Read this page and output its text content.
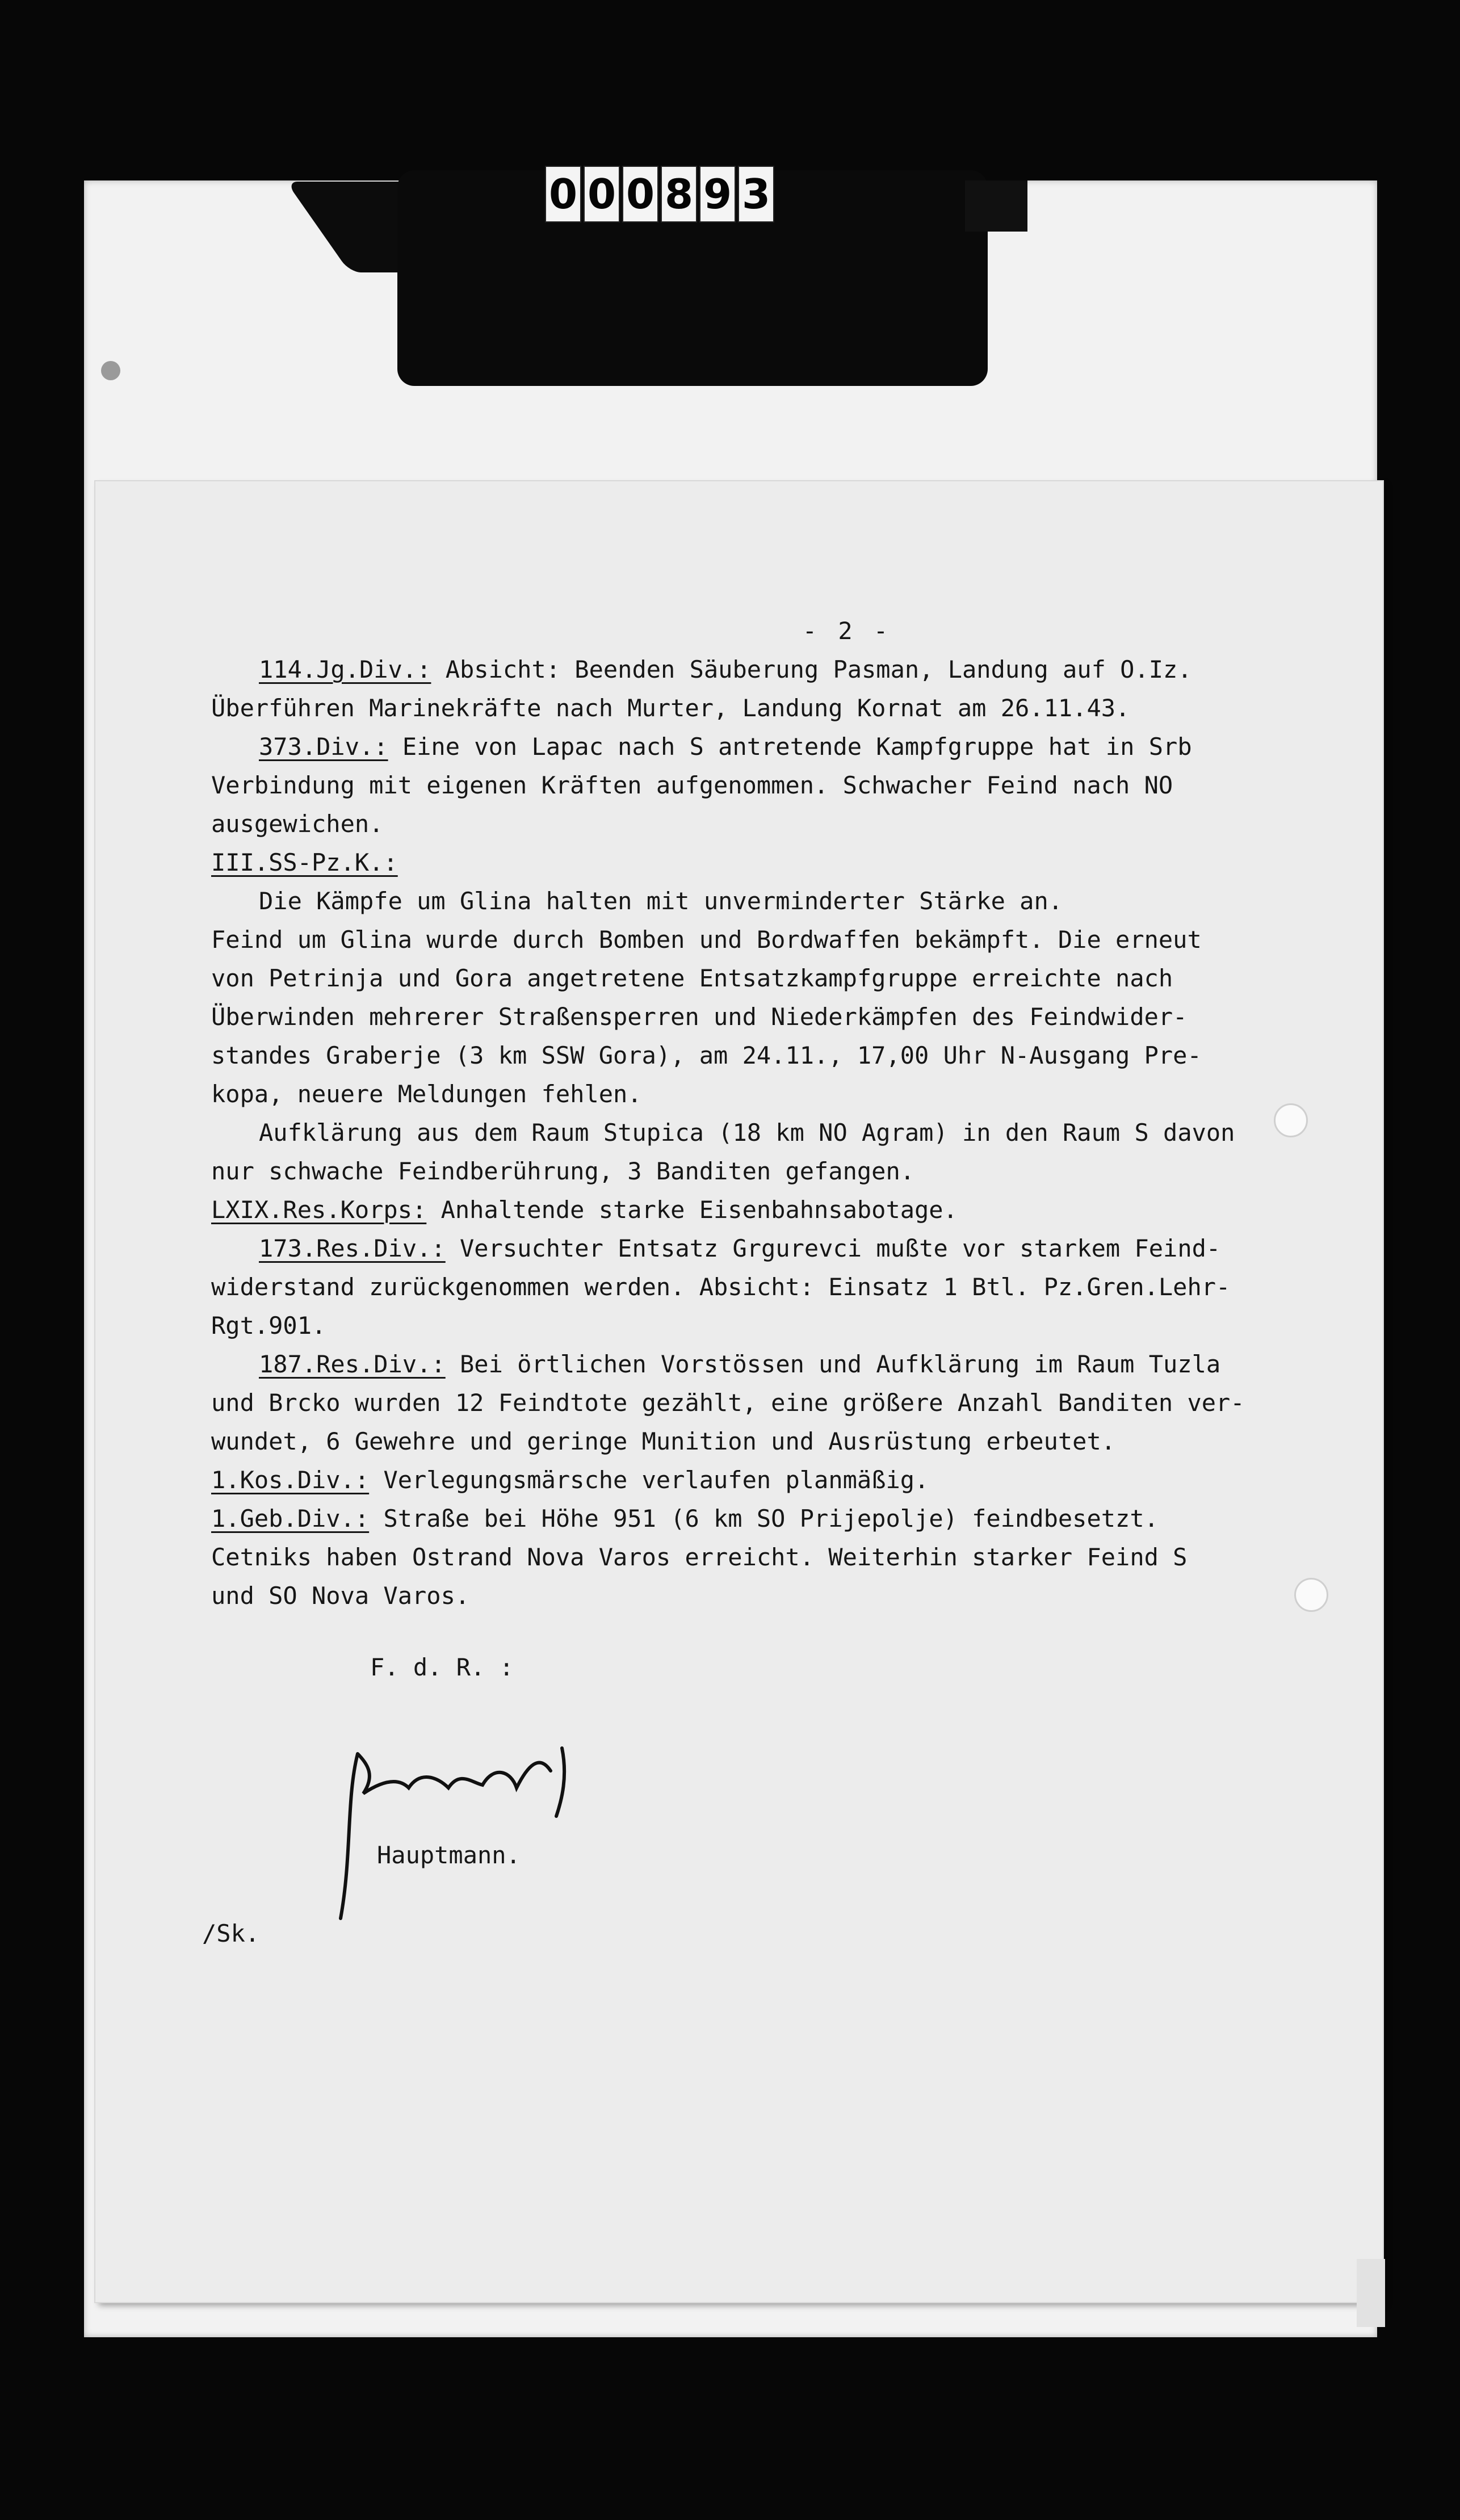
0 0 0 8 9 3
- 2 -
114.Jg.Div.: Absicht: Beenden Säuberung Pasman, Landung auf O.Iz.
Überführen Marinekräfte nach Murter, Landung Kornat am 26.11.43.
373.Div.: Eine von Lapac nach S antretende Kampfgruppe hat in Srb
Verbindung mit eigenen Kräften aufgenommen. Schwacher Feind nach NO
ausgewichen.
III.SS-Pz.K.:
Die Kämpfe um Glina halten mit unverminderter Stärke an.
Feind um Glina wurde durch Bomben und Bordwaffen bekämpft. Die erneut
von Petrinja und Gora angetretene Entsatzkampfgruppe erreichte nach
Überwinden mehrerer Straßensperren und Niederkämpfen des Feindwider-
standes Graberje (3 km SSW Gora), am 24.11., 17,00 Uhr N-Ausgang Pre-
kopa, neuere Meldungen fehlen.
Aufklärung aus dem Raum Stupica (18 km NO Agram) in den Raum S davon
nur schwache Feindberührung, 3 Banditen gefangen.
LXIX.Res.Korps: Anhaltende starke Eisenbahnsabotage.
173.Res.Div.: Versuchter Entsatz Grgurevci mußte vor starkem Feind-
widerstand zurückgenommen werden. Absicht: Einsatz 1 Btl. Pz.Gren.Lehr-
Rgt.901.
187.Res.Div.: Bei örtlichen Vorstössen und Aufklärung im Raum Tuzla
und Brcko wurden 12 Feindtote gezählt, eine größere Anzahl Banditen ver-
wundet, 6 Gewehre und geringe Munition und Ausrüstung erbeutet.
1.Kos.Div.: Verlegungsmärsche verlaufen planmäßig.
1.Geb.Div.: Straße bei Höhe 951 (6 km SO Prijepolje) feindbesetzt.
Cetniks haben Ostrand Nova Varos erreicht. Weiterhin starker Feind S
und SO Nova Varos.
F. d. R. :
Hauptmann.
/Sk.
